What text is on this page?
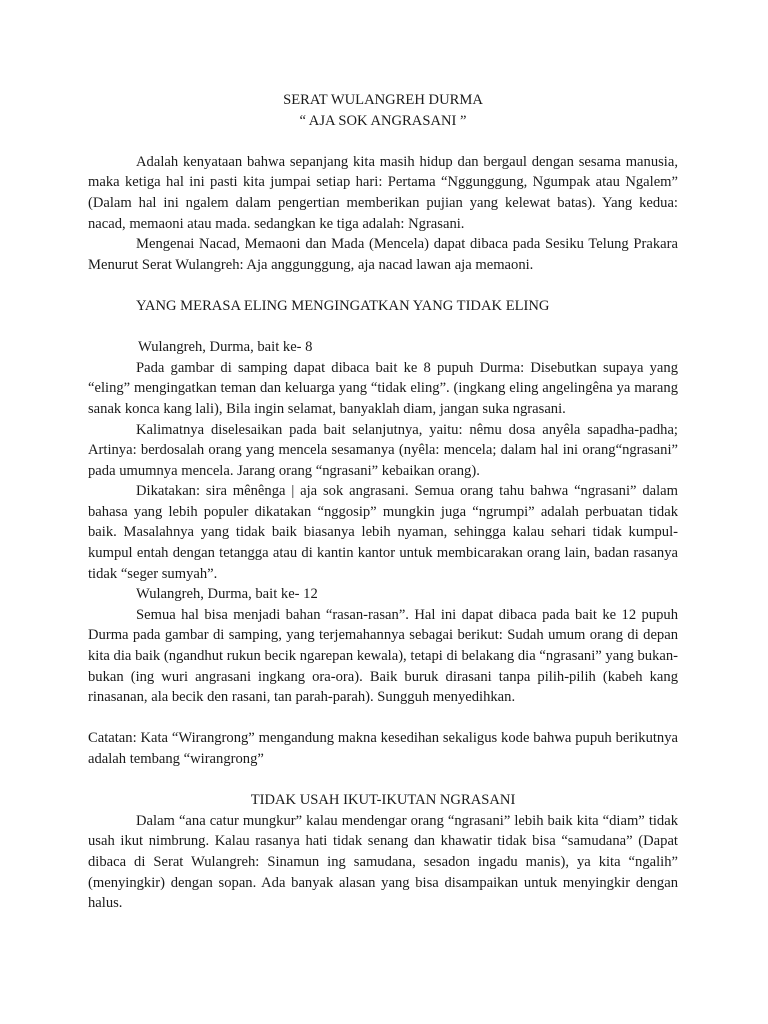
SERAT WULANGREH DURMA
“ AJA SOK ANGRASANI ”

Adalah kenyataan bahwa sepanjang kita masih hidup dan bergaul dengan sesama manusia, maka ketiga hal ini pasti kita jumpai setiap hari: Pertama “Nggunggung, Ngumpak atau Ngalem” (Dalam hal ini ngalem dalam pengertian memberikan pujian yang kelewat batas). Yang kedua: nacad, memaoni atau mada. sedangkan ke tiga adalah: Ngrasani.

Mengenai Nacad, Memaoni dan Mada (Mencela) dapat dibaca pada Sesiku Telung Prakara Menurut Serat Wulangreh: Aja anggunggung, aja nacad lawan aja memaoni.

YANG MERASA ELING MENGINGATKAN YANG TIDAK ELING

Wulangreh, Durma, bait ke- 8

Pada gambar di samping dapat dibaca bait ke 8 pupuh Durma: Disebutkan supaya yang “eling” mengingatkan teman dan keluarga yang “tidak eling”. (ingkang eling angelingêna ya marang sanak konca kang lali), Bila ingin selamat, banyaklah diam, jangan suka ngrasani.

Kalimatnya diselesaikan pada bait selanjutnya, yaitu: nêmu dosa anyêla sapadha-padha; Artinya: berdosalah orang yang mencela sesamanya (nyêla: mencela; dalam hal ini orang“ngrasani” pada umumnya mencela. Jarang orang “ngrasani” kebaikan orang).

Dikatakan: sira mênênga | aja sok angrasani. Semua orang tahu bahwa “ngrasani” dalam bahasa yang lebih populer dikatakan “nggosip” mungkin juga “ngrumpi” adalah perbuatan tidak baik. Masalahnya yang tidak baik biasanya lebih nyaman, sehingga kalau sehari tidak kumpul-kumpul entah dengan tetangga atau di kantin kantor untuk membicarakan orang lain, badan rasanya tidak “seger sumyah”.

Wulangreh, Durma, bait ke- 12

Semua hal bisa menjadi bahan “rasan-rasan”. Hal ini dapat dibaca pada bait ke 12 pupuh Durma pada gambar di samping, yang terjemahannya sebagai berikut: Sudah umum orang di depan kita dia baik (ngandhut rukun becik ngarepan kewala), tetapi di belakang dia “ngrasani” yang bukan-bukan (ing wuri angrasani ingkang ora-ora). Baik buruk dirasani tanpa pilih-pilih (kabeh kang rinasanan, ala becik den rasani, tan parah-parah). Sungguh menyedihkan.

Catatan: Kata “Wirangrong” mengandung makna kesedihan sekaligus kode bahwa pupuh berikutnya adalah tembang “wirangrong”

TIDAK USAH IKUT-IKUTAN NGRASANI

Dalam “ana catur mungkur” kalau mendengar orang “ngrasani” lebih baik kita “diam” tidak usah ikut nimbrung. Kalau rasanya hati tidak senang dan khawatir tidak bisa “samudana” (Dapat dibaca di Serat Wulangreh: Sinamun ing samudana, sesadon ingadu manis), ya kita “ngalih” (menyingkir) dengan sopan. Ada banyak alasan yang bisa disampaikan untuk menyingkir dengan halus.
